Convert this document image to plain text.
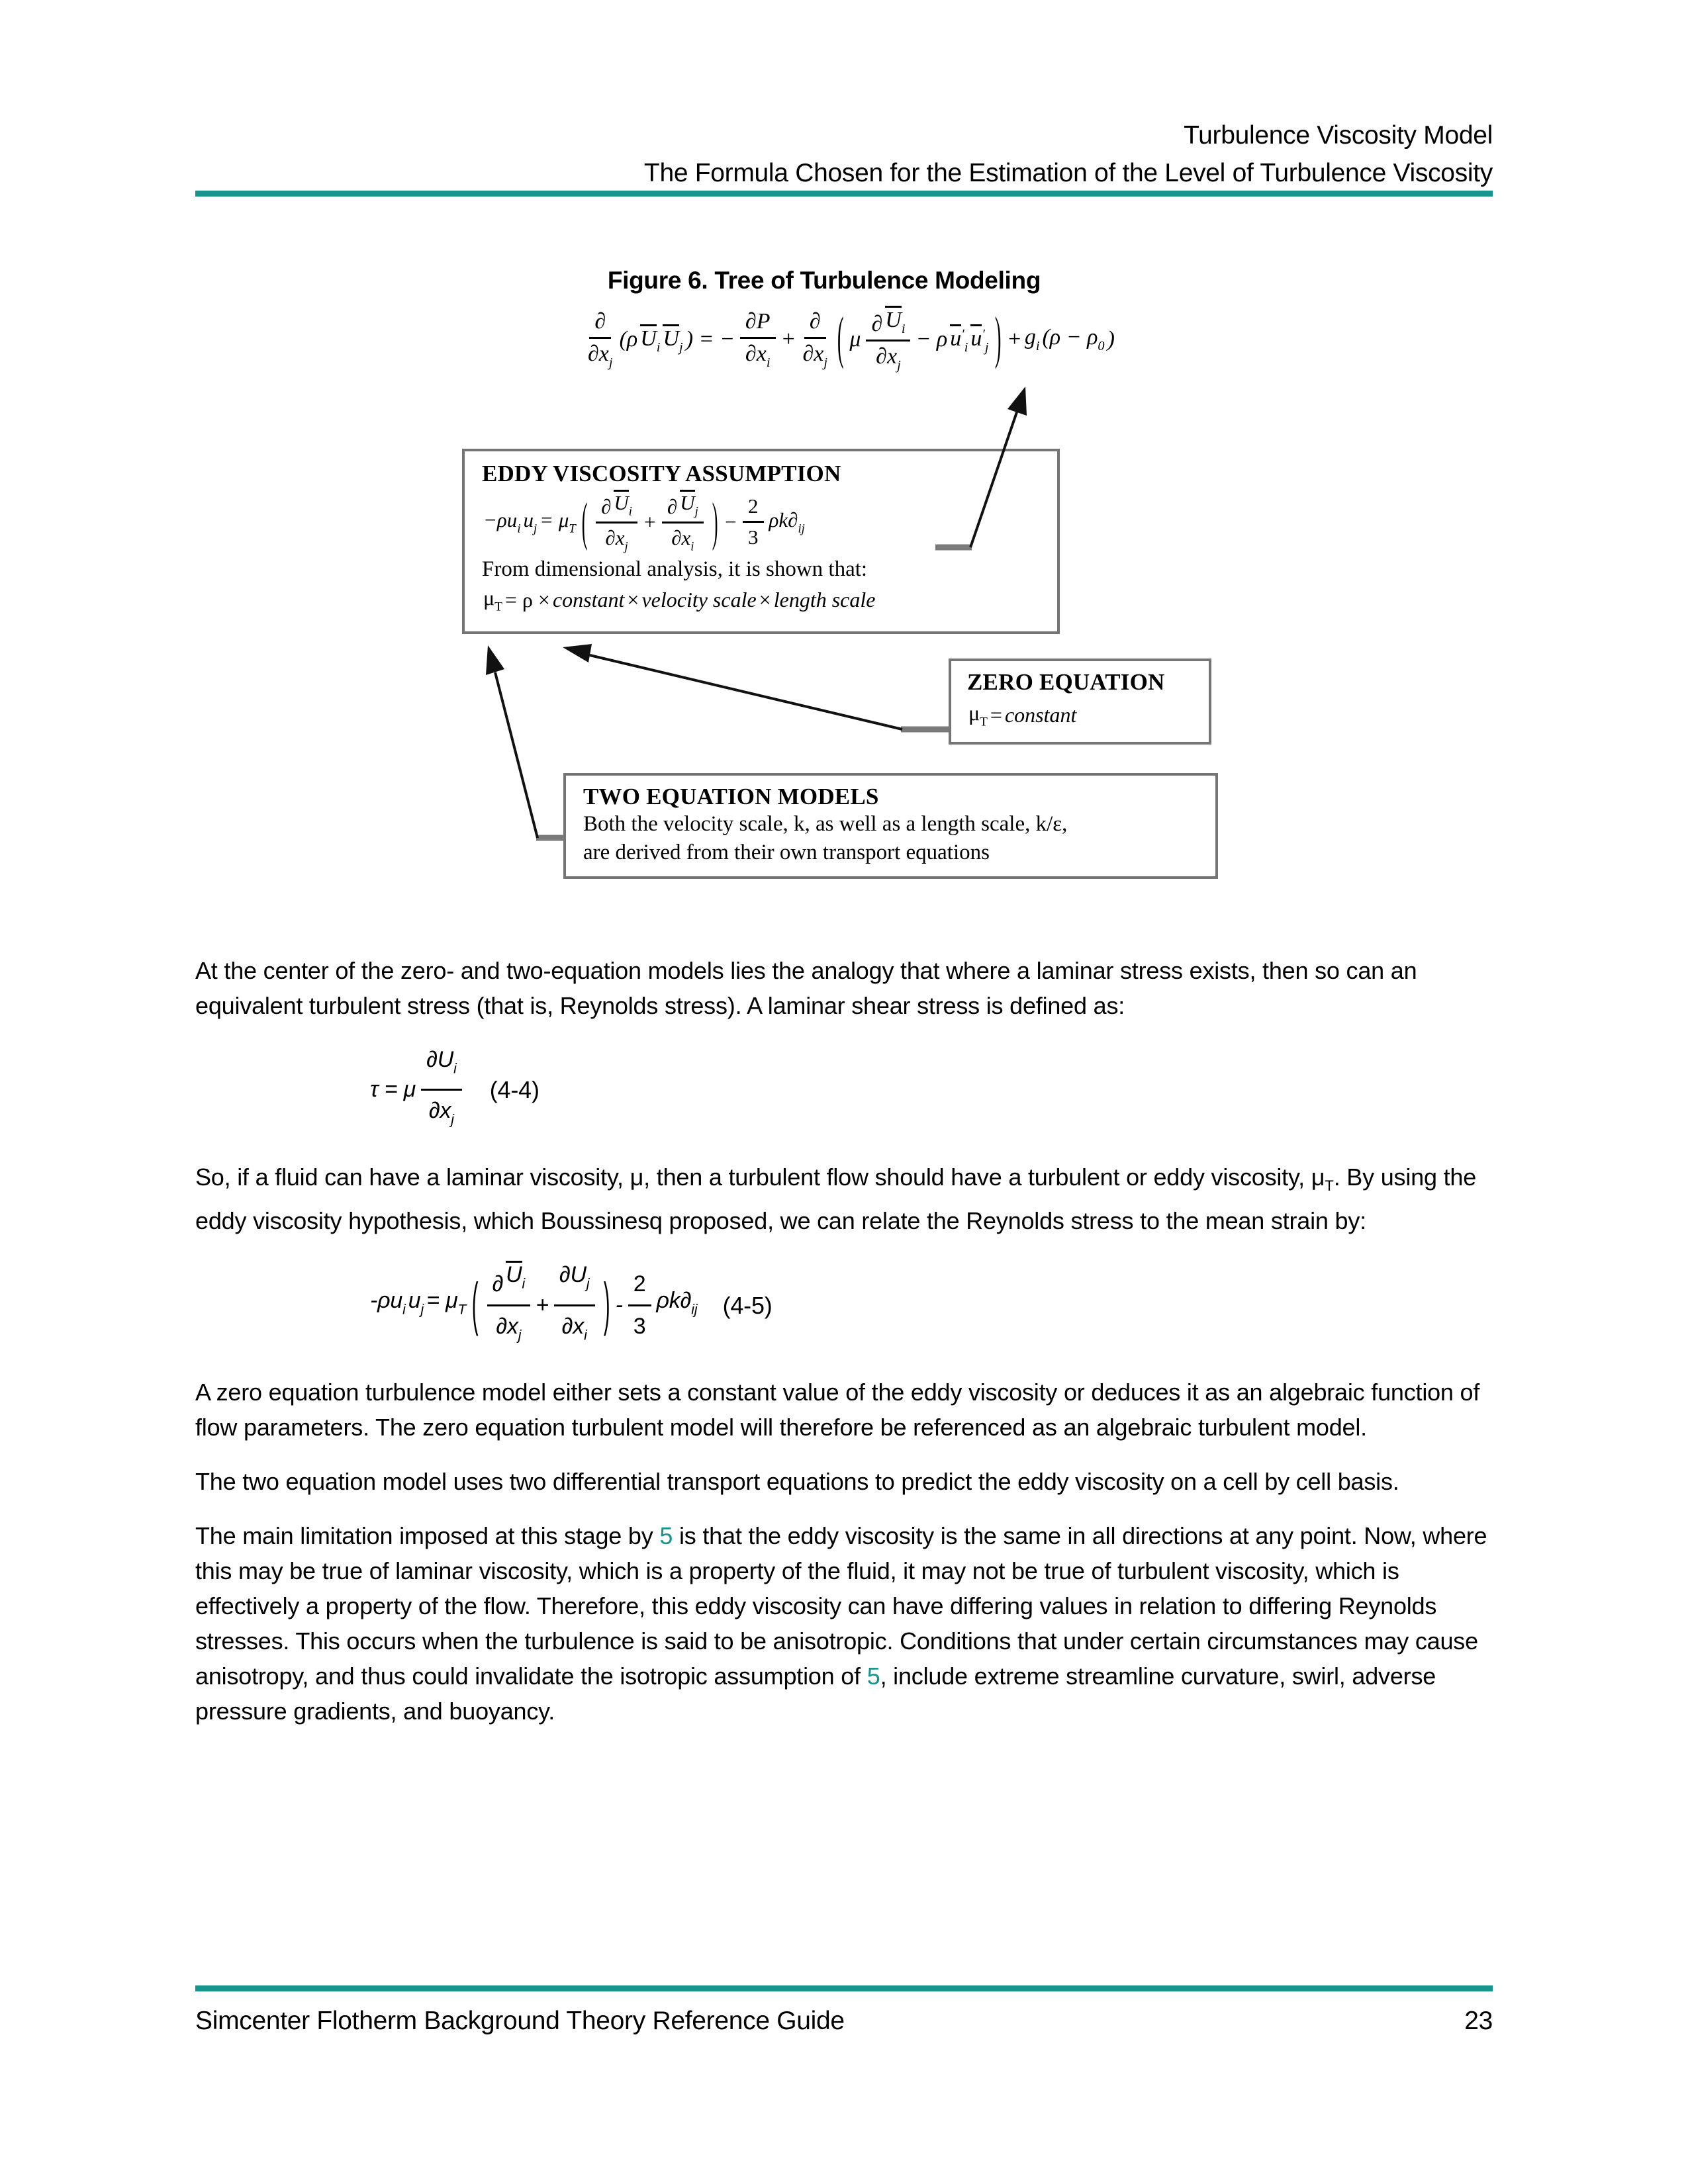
Turbulence Viscosity Model
The Formula Chosen for the Estimation of the Level of Turbulence Viscosity
Figure 6. Tree of Turbulence Modeling
$\frac{\partial}{\partial x_j} (\rho$ $U_i$ $U_j$ ) = − $\frac{\partial P}{\partial x_i} + \frac{\partial}{\partial x_j}$ ( μ $\frac{\partial U_i}{\partial x_j} - \rho$ $u'_i$ $u'_j$ ) + $g_i$ ($\rho - \rho_0$ )
EDDY VISCOSITY ASSUMPTION
$-\rho u_i$ $u_j = \mu_T$ ( $\frac{\partial U_i}{\partial x_j} + \frac{\partial U_j}{\partial x_i}$ ) − $\frac{2}{3} \rho k\partial_{ij}$
From dimensional analysis, it is shown that:
$\mu_T = \rho$ × constant × velocity scale × length scale
ZERO EQUATION
$\mu_T$ = constant
TWO EQUATION MODELS
Both the velocity scale, k, as well as a length scale, k/ε,
are derived from their own transport equations

At the center of the zero- and two-equation models lies the analogy that where a laminar stress exists, then so can an equivalent turbulent stress (that is, Reynolds stress). A laminar shear stress is defined as:

τ = μ $\frac{\partial U_i}{\partial x_j} (4-4)$

So, if a fluid can have a laminar viscosity, μ, then a turbulent flow should have a turbulent or eddy viscosity, $\mu_T$. By using the eddy viscosity hypothesis, which Boussinesq proposed, we can relate the Reynolds stress to the mean strain by:

$-\rho u_i$ $u_j = \mu_T$ ( $\frac{\partial U_i}{\partial x_j} + \frac{\partial U_j}{\partial x_i}$ ) - $\frac{2}{3} \rho k\partial_{ij}$ (4-5)

A zero equation turbulence model either sets a constant value of the eddy viscosity or deduces it as an algebraic function of flow parameters. The zero equation turbulent model will therefore be referenced as an algebraic turbulent model.

The two equation model uses two differential transport equations to predict the eddy viscosity on a cell by cell basis.

The main limitation imposed at this stage by 5 is that the eddy viscosity is the same in all directions at any point. Now, where this may be true of laminar viscosity, which is a property of the fluid, it may not be true of turbulent viscosity, which is effectively a property of the flow. Therefore, this eddy viscosity can have differing values in relation to differing Reynolds stresses. This occurs when the turbulence is said to be anisotropic. Conditions that under certain circumstances may cause anisotropy, and thus could invalidate the isotropic assumption of 5, include extreme streamline curvature, swirl, adverse pressure gradients, and buoyancy.

Simcenter Flotherm Background Theory Reference Guide	23
